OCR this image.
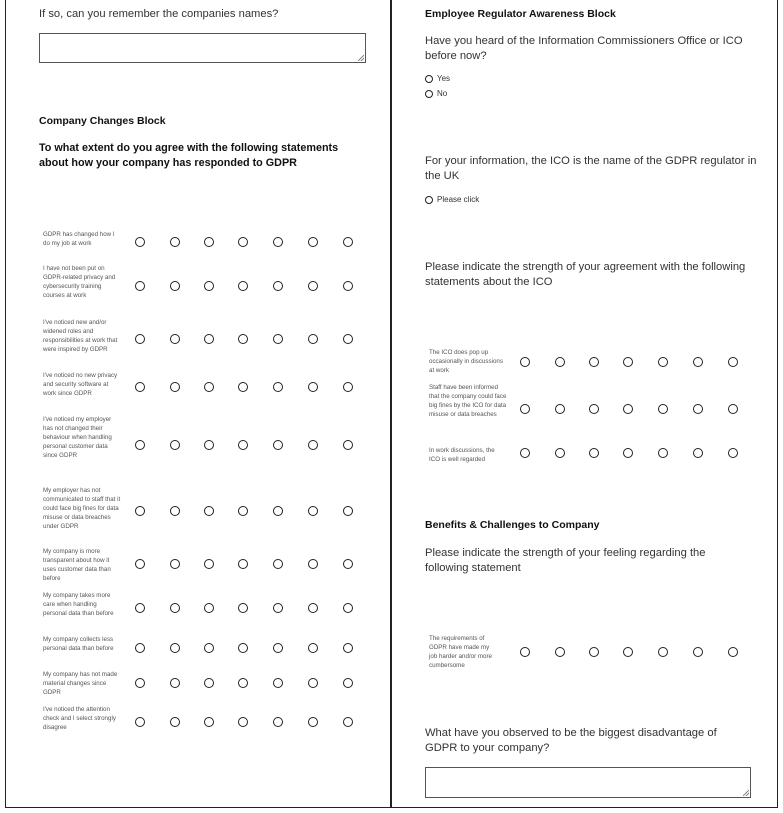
If so, can you remember the companies names?
Company Changes Block
To what extent do you agree with the following statements about how your company has responded to GDPR
GDPR has changed how I do my job at work
I have not been put on GDPR-related privacy and cybersecurity training courses at work
I've noticed new and/or widened roles and responsibilities at work that were inspired by GDPR
I've noticed no new privacy and security software at work since GDPR
I've noticed my employer has not changed their behaviour when handling personal customer data since GDPR
My employer has not communicated to staff that it could face big fines for data misuse or data breaches under GDPR
My company is more transparent about how it uses customer data than before
My company takes more care when handling personal data than before
My company collects less personal data than before
My company has not made material changes since GDPR
I've noticed the attention check and I select strongly disagree
Employee Regulator Awareness Block
Have you heard of the Information Commissioners Office or ICO before now?
Yes
No
For your information, the ICO is the name of the GDPR regulator in the UK
Please click
Please indicate the strength of your agreement with the following statements about the ICO
The ICO does pop up occasionally in discussions at work
Staff have been informed that the company could face big fines by the ICO for data misuse or data breaches
In work discussions, the ICO is well regarded
Benefits & Challenges to Company
Please indicate the strength of your feeling regarding the following statement
The requirements of GDPR have made my job harder and/or more cumbersome
What have you observed to be the biggest disadvantage of GDPR to your company?
